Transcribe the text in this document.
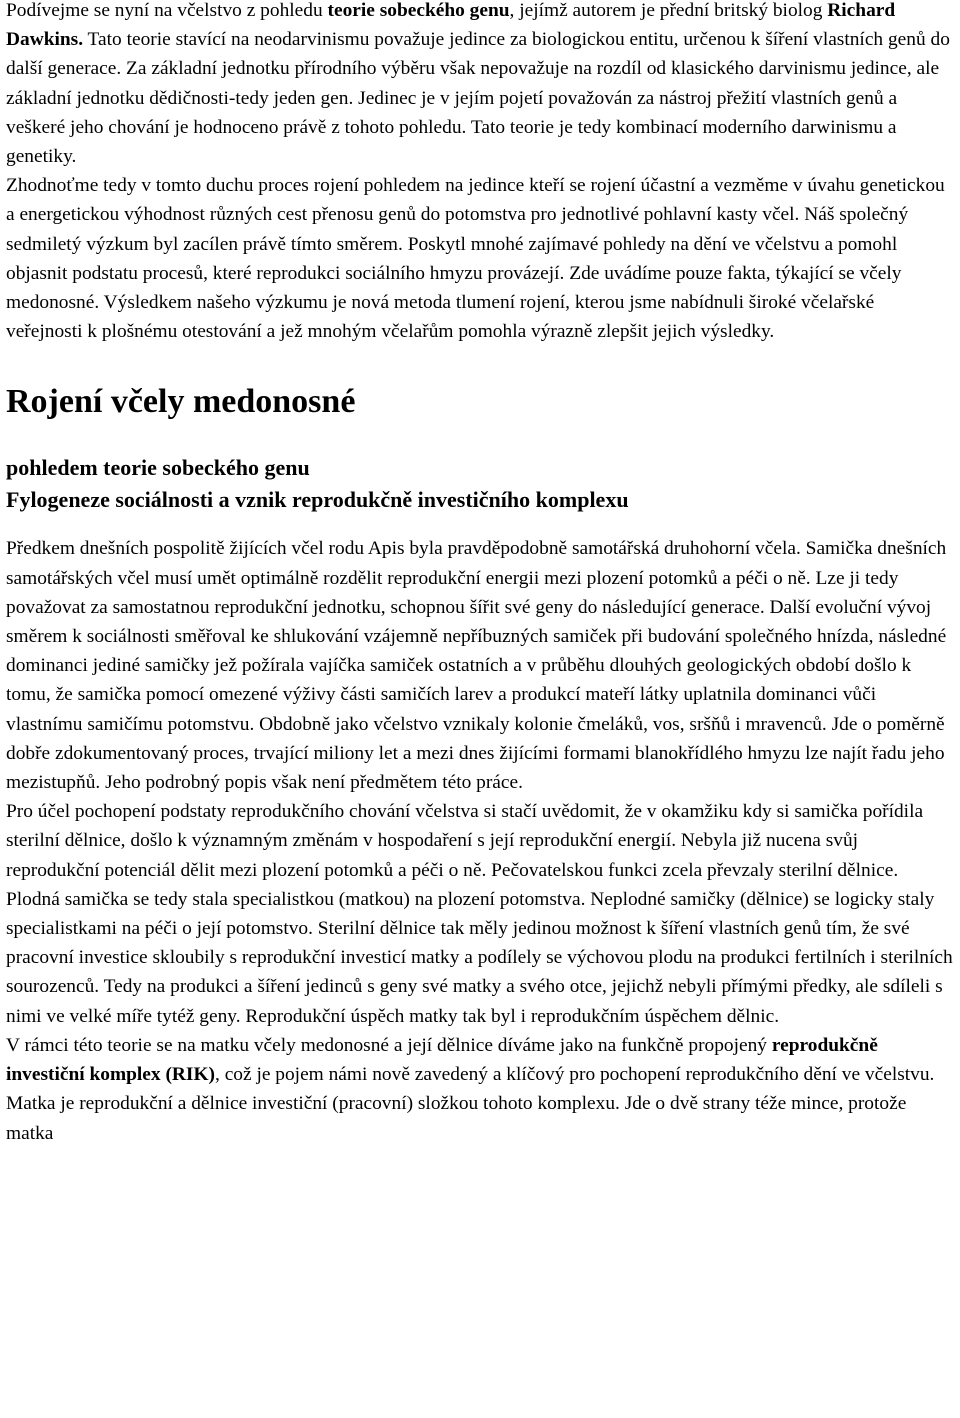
Podívejme se nyní na včelstvo z pohledu teorie sobeckého genu, jejímž autorem je přední britský biolog Richard Dawkins. Tato teorie stavící na neodarvinismu považuje jedince za biologickou entitu, určenou k šíření vlastních genů do další generace. Za základní jednotku přírodního výběru však nepovažuje na rozdíl od klasického darvinismu jedince, ale základní jednotku dědičnosti-tedy jeden gen. Jedinec je v jejím pojetí považován za nástroj přežití vlastních genů a veškeré jeho chování je hodnoceno právě z tohoto pohledu. Tato teorie je tedy kombinací moderního darwinismu a genetiky.

Zhodnoťme tedy v tomto duchu proces rojení pohledem na jedince kteří se rojení účastní a vezměme v úvahu genetickou a energetickou výhodnost různých cest přenosu genů do potomstva pro jednotlivé pohlavní kasty včel. Náš společný sedmiletý výzkum byl zacílen právě tímto směrem. Poskytl mnohé zajímavé pohledy na dění ve včelstvu a pomohl objasnit podstatu procesů, které reprodukci sociálního hmyzu provázejí. Zde uvádíme pouze fakta, týkající se včely medonosné. Výsledkem našeho výzkumu je nová metoda tlumení rojení, kterou jsme nabídnuli široké včelařské veřejnosti k plošnému otestování a jež mnohým včelařům pomohla výrazně zlepšit jejich výsledky.

Rojení včely medonosné
pohledem teorie sobeckého genu
Fylogeneze sociálnosti a vznik reprodukčně investičního komplexu

Předkem dnešních pospolitě žijících včel rodu Apis byla pravděpodobně samotářská druhohorní včela. Samička dnešních samotářských včel musí umět optimálně rozdělit reprodukční energii mezi plození potomků a péči o ně. Lze ji tedy považovat za samostatnou reprodukční jednotku, schopnou šířit své geny do následující generace. Další evoluční vývoj směrem k sociálnosti směřoval ke shlukování vzájemně nepříbuzných samiček při budování společného hnízda, následné dominanci jediné samičky jež požírala vajíčka samiček ostatních a v průběhu dlouhých geologických období došlo k tomu, že samička pomocí omezené výživy části samičích larev a produkcí mateří látky uplatnila dominanci vůči vlastnímu samičímu potomstvu. Obdobně jako včelstvo vznikaly kolonie čmeláků, vos, sršňů i mravenců. Jde o poměrně dobře zdokumentovaný proces, trvající miliony let a mezi dnes žijícími formami blanokřídlého hmyzu lze najít řadu jeho mezistupňů. Jeho podrobný popis však není předmětem této práce.

Pro účel pochopení podstaty reprodukčního chování včelstva si stačí uvědomit, že v okamžiku kdy si samička pořídila sterilní dělnice, došlo k významným změnám v hospodaření s její reprodukční energií. Nebyla již nucena svůj reprodukční potenciál dělit mezi plození potomků a péči o ně. Pečovatelskou funkci zcela převzaly sterilní dělnice. Plodná samička se tedy stala specialistkou (matkou) na plození potomstva. Neplodné samičky (dělnice) se logicky staly specialistkami na péči o její potomstvo. Sterilní dělnice tak měly jedinou možnost k šíření vlastních genů tím, že své pracovní investice skloubily s reprodukční investicí matky a podílely se výchovou plodu na produkci fertilních i sterilních sourozenců. Tedy na produkci a šíření jedinců s geny své matky a svého otce, jejichž nebyli přímými předky, ale sdíleli s nimi ve velké míře tytéž geny. Reprodukční úspěch matky tak byl i reprodukčním úspěchem dělnic.

V rámci této teorie se na matku včely medonosné a její dělnice díváme jako na funkčně propojený reprodukčně investiční komplex (RIK), což je pojem námi nově zavedený a klíčový pro pochopení reprodukčního dění ve včelstvu. Matka je reprodukční a dělnice investiční (pracovní) složkou tohoto komplexu. Jde o dvě strany téže mince, protože matka
